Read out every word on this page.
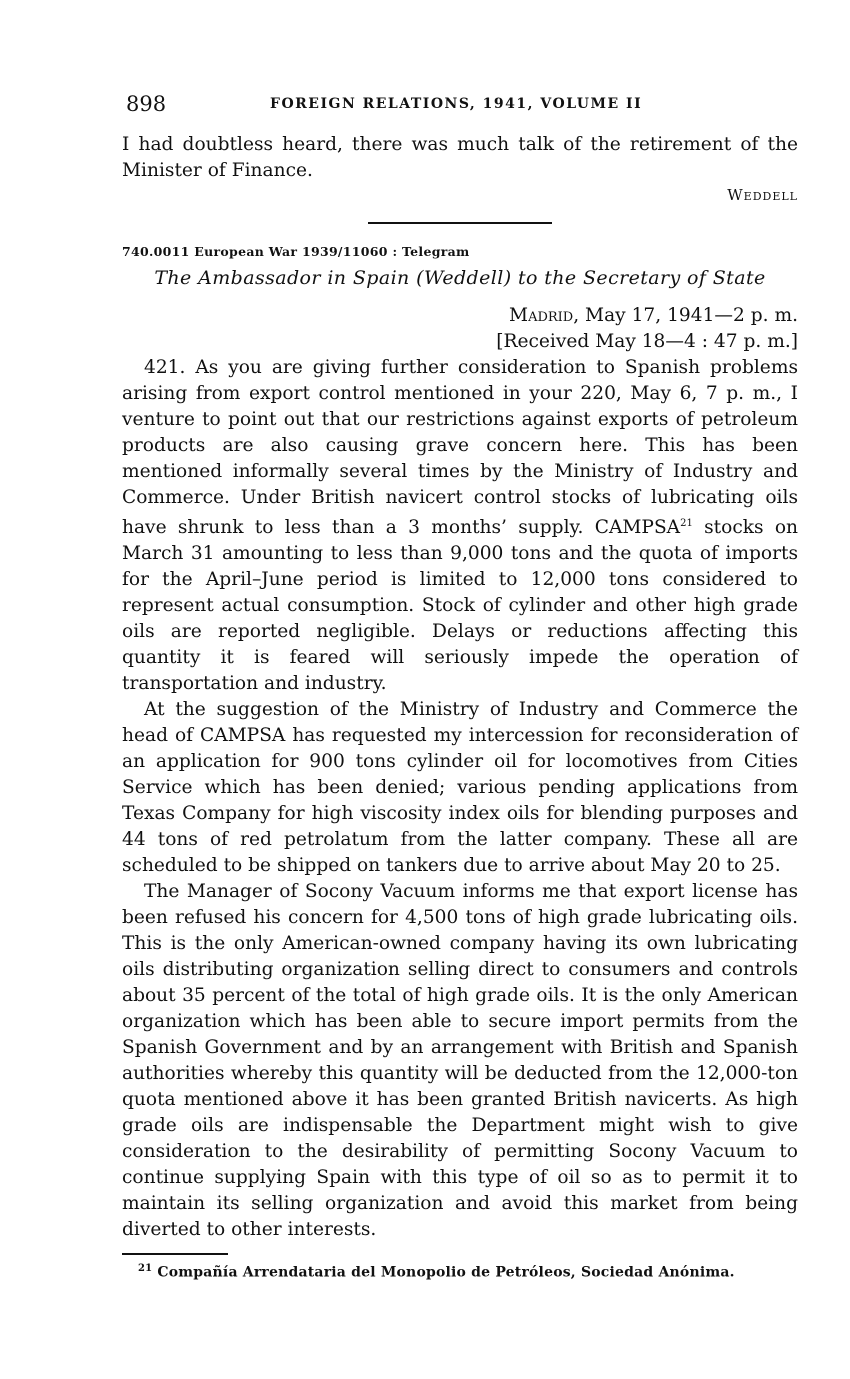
898	FOREIGN RELATIONS, 1941, VOLUME II

I had doubtless heard, there was much talk of the retirement of the Minister of Finance.

Weddell
740.0011 European War 1939/11060 : Telegram
The Ambassador in Spain (Weddell) to the Secretary of State
Madrid, May 17, 1941—2 p. m.
[Received May 18—4 : 47 p. m.]

421. As you are giving further consideration to Spanish problems arising from export control mentioned in your 220, May 6, 7 p. m., I venture to point out that our restrictions against exports of petroleum products are also causing grave concern here. This has been mentioned informally several times by the Ministry of Industry and Commerce. Under British navicert control stocks of lubricating oils have shrunk to less than a 3 months’ supply. CAMPSA$^{21}$ stocks on March 31 amounting to less than 9,000 tons and the quota of imports for the April–June period is limited to 12,000 tons considered to represent actual consumption. Stock of cylinder and other high grade oils are reported negligible. Delays or reductions affecting this quantity it is feared will seriously impede the operation of transportation and industry.

At the suggestion of the Ministry of Industry and Commerce the head of CAMPSA has requested my intercession for reconsideration of an application for 900 tons cylinder oil for locomotives from Cities Service which has been denied; various pending applications from Texas Company for high viscosity index oils for blending purposes and 44 tons of red petrolatum from the latter company. These all are scheduled to be shipped on tankers due to arrive about May 20 to 25.

The Manager of Socony Vacuum informs me that export license has been refused his concern for 4,500 tons of high grade lubricating oils. This is the only American-owned company having its own lubricating oils distributing organization selling direct to consumers and controls about 35 percent of the total of high grade oils. It is the only American organization which has been able to secure import permits from the Spanish Government and by an arrangement with British and Spanish authorities whereby this quantity will be deducted from the 12,000-ton quota mentioned above it has been granted British navicerts. As high grade oils are indispensable the Department might wish to give consideration to the desirability of permitting Socony Vacuum to continue supplying Spain with this type of oil so as to permit it to maintain its selling organization and avoid this market from being diverted to other interests.

$^{21}$ Compañía Arrendataria del Monopolio de Petróleos, Sociedad Anónima.
